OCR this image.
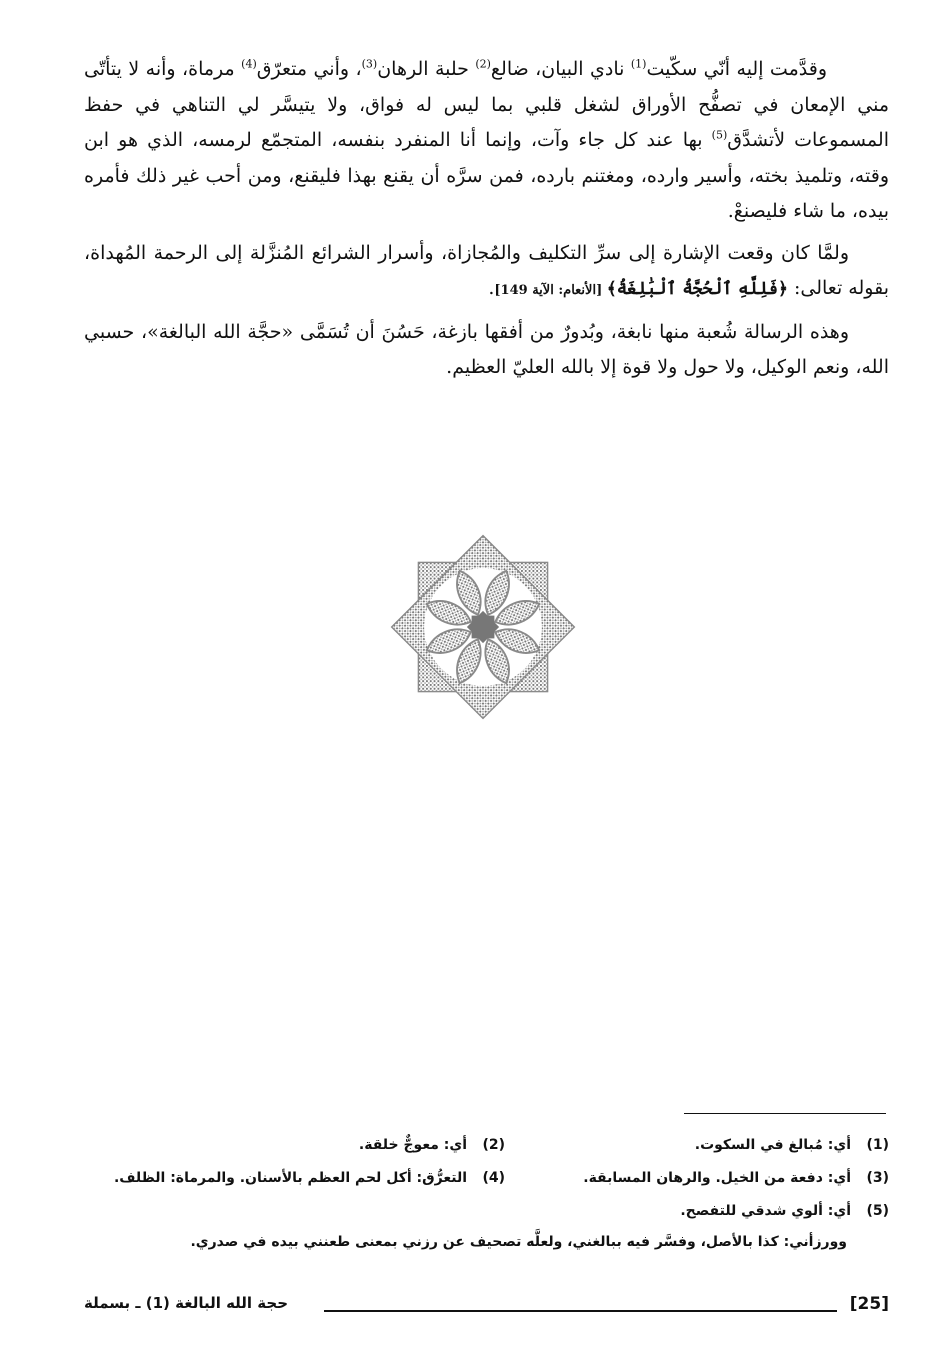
وقدَّمت إليه أنّي سكّيت$^{(1)}$ نادي البيان، ضالع$^{(2)}$ حلبة الرهان$^{(3)}$، وأني متعرّق$^{(4)}$ مرماة، وأنه لا يتأتّى مني الإمعان في تصفُّح الأوراق لشغل قلبي بما ليس له فواق، ولا يتيسَّر لي التناهي في حفظ المسموعات لأتشدَّق$^{(5)}$ بها عند كل جاء وآت، وإنما أنا المنفرد بنفسه، المتجمّع لرمسه، الذي هو ابن وقته، وتلميذ بخته، وأسير وارده، ومغتنم بارده، فمن سرَّه أن يقنع بهذا فليقنع، ومن أحب غير ذلك فأمره بيده، ما شاء فليصنعْ.

ولمَّا كان وقعت الإشارة إلى سرِّ التكليف والمُجازاة، وأسرار الشرائع المُنزَّلة إلى الرحمة المُهداة، بقوله تعالى: ﴿فَلِلَّهِ ٱلْحُجَّةُ ٱلْبَٰلِغَةُ﴾ [الأنعام: الآية 149].

وهذه الرسالة شُعبة منها نابغة، وبُدورٌ من أفقها بازغة، حَسُنَ أن تُسَمَّى «حجَّة الله البالغة»، حسبي الله، ونعم الوكيل، ولا حول ولا قوة إلا بالله العليّ العظيم.

(1)
أي: مُبالغ في السكوت.
(2)
أي: معوجٌّ خلقة.
(3)
أي: دفعة من الخيل. والرهان المسابقة.
(4)
التعرُّق: أكل لحم العظم بالأسنان. والمرماة: الظلف.
(5)
أي: ألوي شدقي للتفصح.
وورزأني: كذا بالأصل، وفسَّر فيه ببالغني، ولعلَّه تصحيف عن رزني بمعنى طعنني بيده في صدري.
[25]
حجة الله البالغة (1) ـ بسملة
